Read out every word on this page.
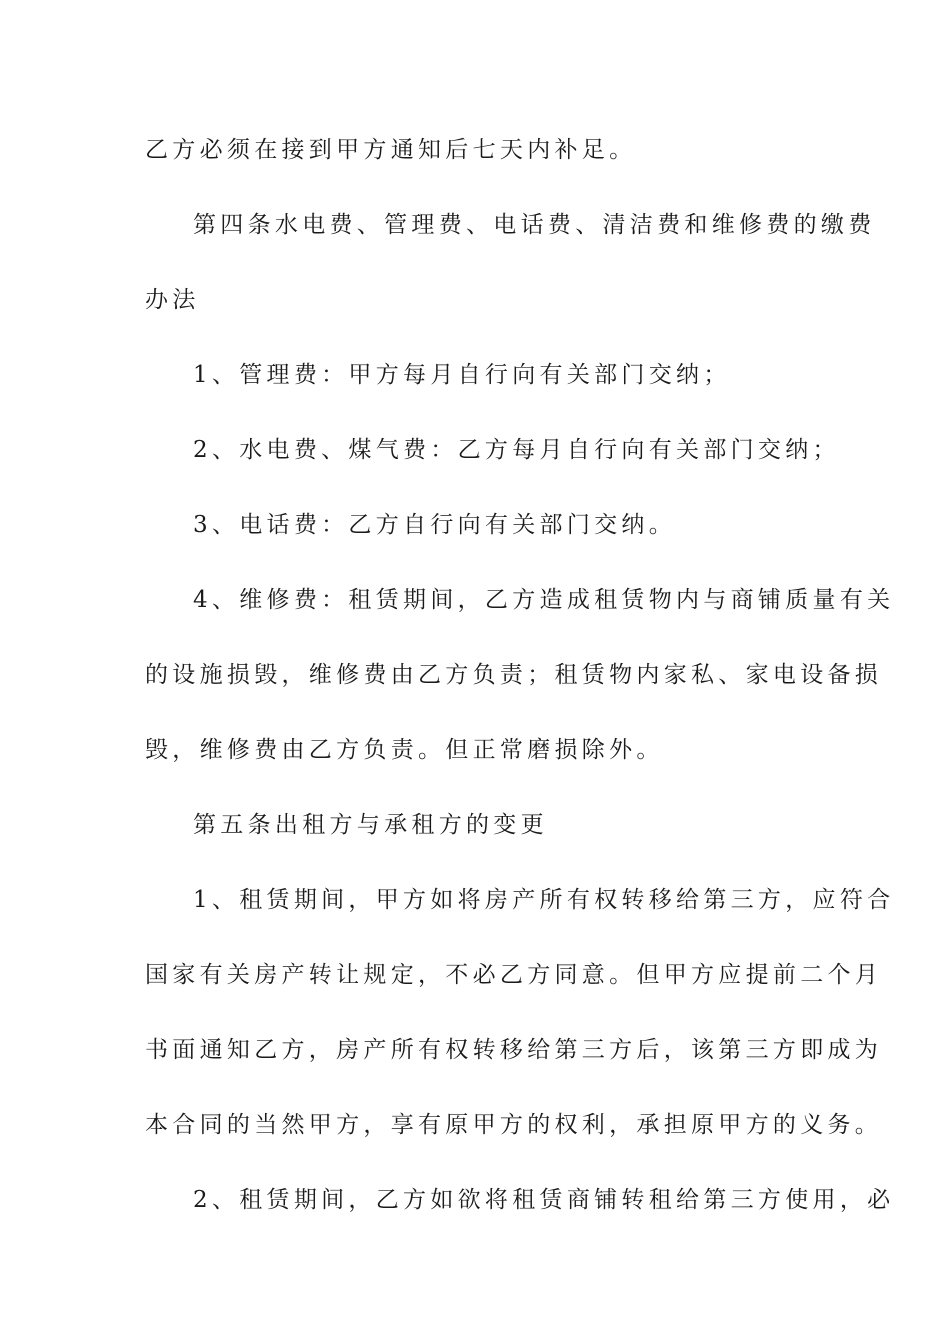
乙方必须在接到甲方通知后七天内补足。
第四条水电费、管理费、电话费、清洁费和维修费的缴费
办法
1、管理费：甲方每月自行向有关部门交纳；
2、水电费、煤气费：乙方每月自行向有关部门交纳；
3、电话费：乙方自行向有关部门交纳。
4、维修费：租赁期间，乙方造成租赁物内与商铺质量有关
的设施损毁，维修费由乙方负责；租赁物内家私、家电设备损
毁，维修费由乙方负责。但正常磨损除外。
第五条出租方与承租方的变更
1、租赁期间，甲方如将房产所有权转移给第三方，应符合
国家有关房产转让规定，不必乙方同意。但甲方应提前二个月
书面通知乙方，房产所有权转移给第三方后，该第三方即成为
本合同的当然甲方，享有原甲方的权利，承担原甲方的义务。
2、租赁期间，乙方如欲将租赁商铺转租给第三方使用，必
